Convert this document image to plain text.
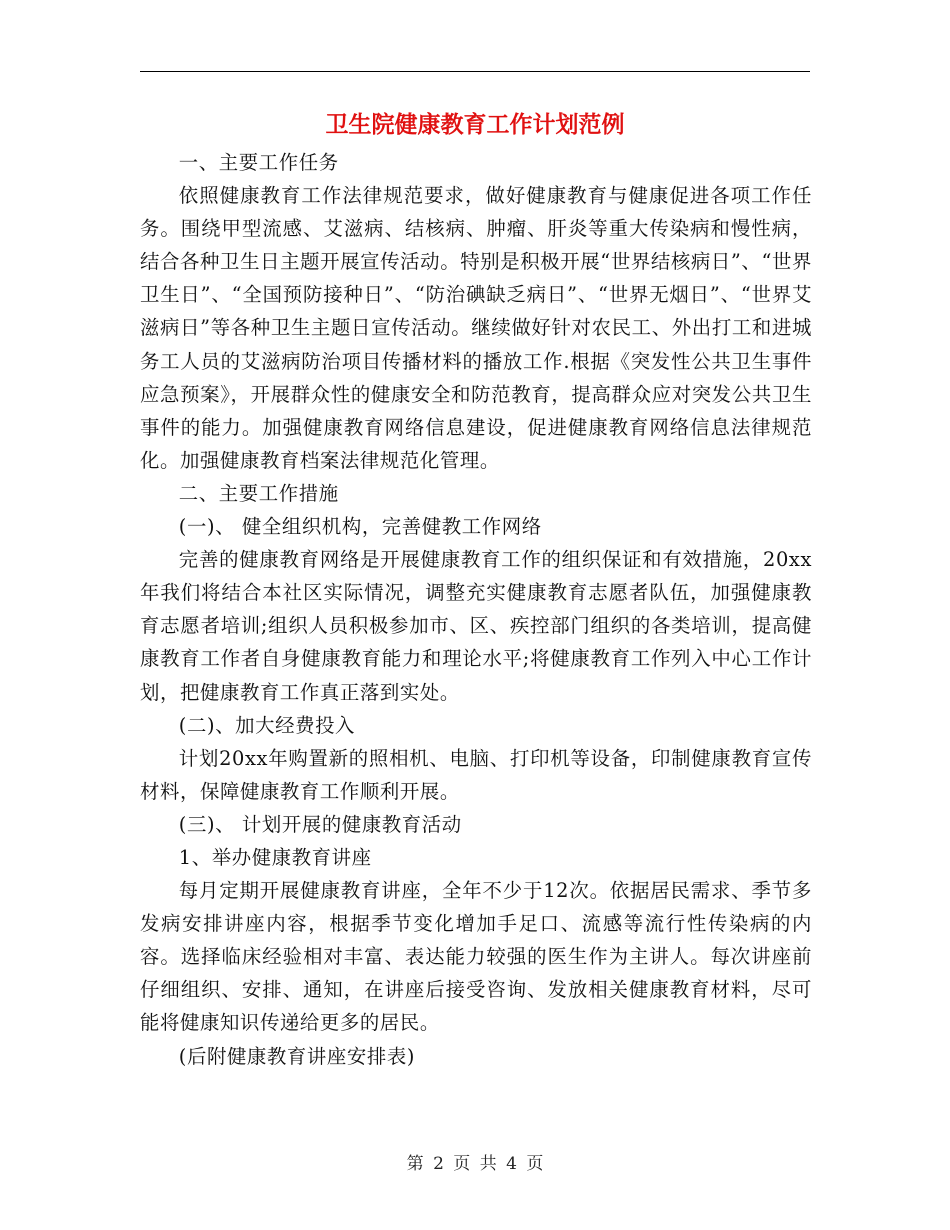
卫生院健康教育工作计划范例

一、主要工作任务

依照健康教育工作法律规范要求，做好健康教育与健康促进各项工作任务。围绕甲型流感、艾滋病、结核病、肿瘤、肝炎等重大传染病和慢性病，结合各种卫生日主题开展宣传活动。特别是积极开展“世界结核病日”、“世界卫生日”、“全国预防接种日”、“防治碘缺乏病日”、“世界无烟日”、“世界艾滋病日”等各种卫生主题日宣传活动。继续做好针对农民工、外出打工和进城务工人员的艾滋病防治项目传播材料的播放工作.根据《突发性公共卫生事件应急预案》，开展群众性的健康安全和防范教育，提高群众应对突发公共卫生事件的能力。加强健康教育网络信息建设，促进健康教育网络信息法律规范化。加强健康教育档案法律规范化管理。

二、主要工作措施

(一)、 健全组织机构，完善健教工作网络

完善的健康教育网络是开展健康教育工作的组织保证和有效措施，20xx年我们将结合本社区实际情况，调整充实健康教育志愿者队伍，加强健康教育志愿者培训;组织人员积极参加市、区、疾控部门组织的各类培训，提高健康教育工作者自身健康教育能力和理论水平;将健康教育工作列入中心工作计划，把健康教育工作真正落到实处。

(二)、加大经费投入

计划20xx年购置新的照相机、电脑、打印机等设备，印制健康教育宣传材料，保障健康教育工作顺利开展。

(三)、 计划开展的健康教育活动

1、举办健康教育讲座

每月定期开展健康教育讲座，全年不少于12次。依据居民需求、季节多发病安排讲座内容，根据季节变化增加手足口、流感等流行性传染病的内容。选择临床经验相对丰富、表达能力较强的医生作为主讲人。每次讲座前仔细组织、安排、通知，在讲座后接受咨询、发放相关健康教育材料，尽可能将健康知识传递给更多的居民。

(后附健康教育讲座安排表)

第 2 页 共 4 页
